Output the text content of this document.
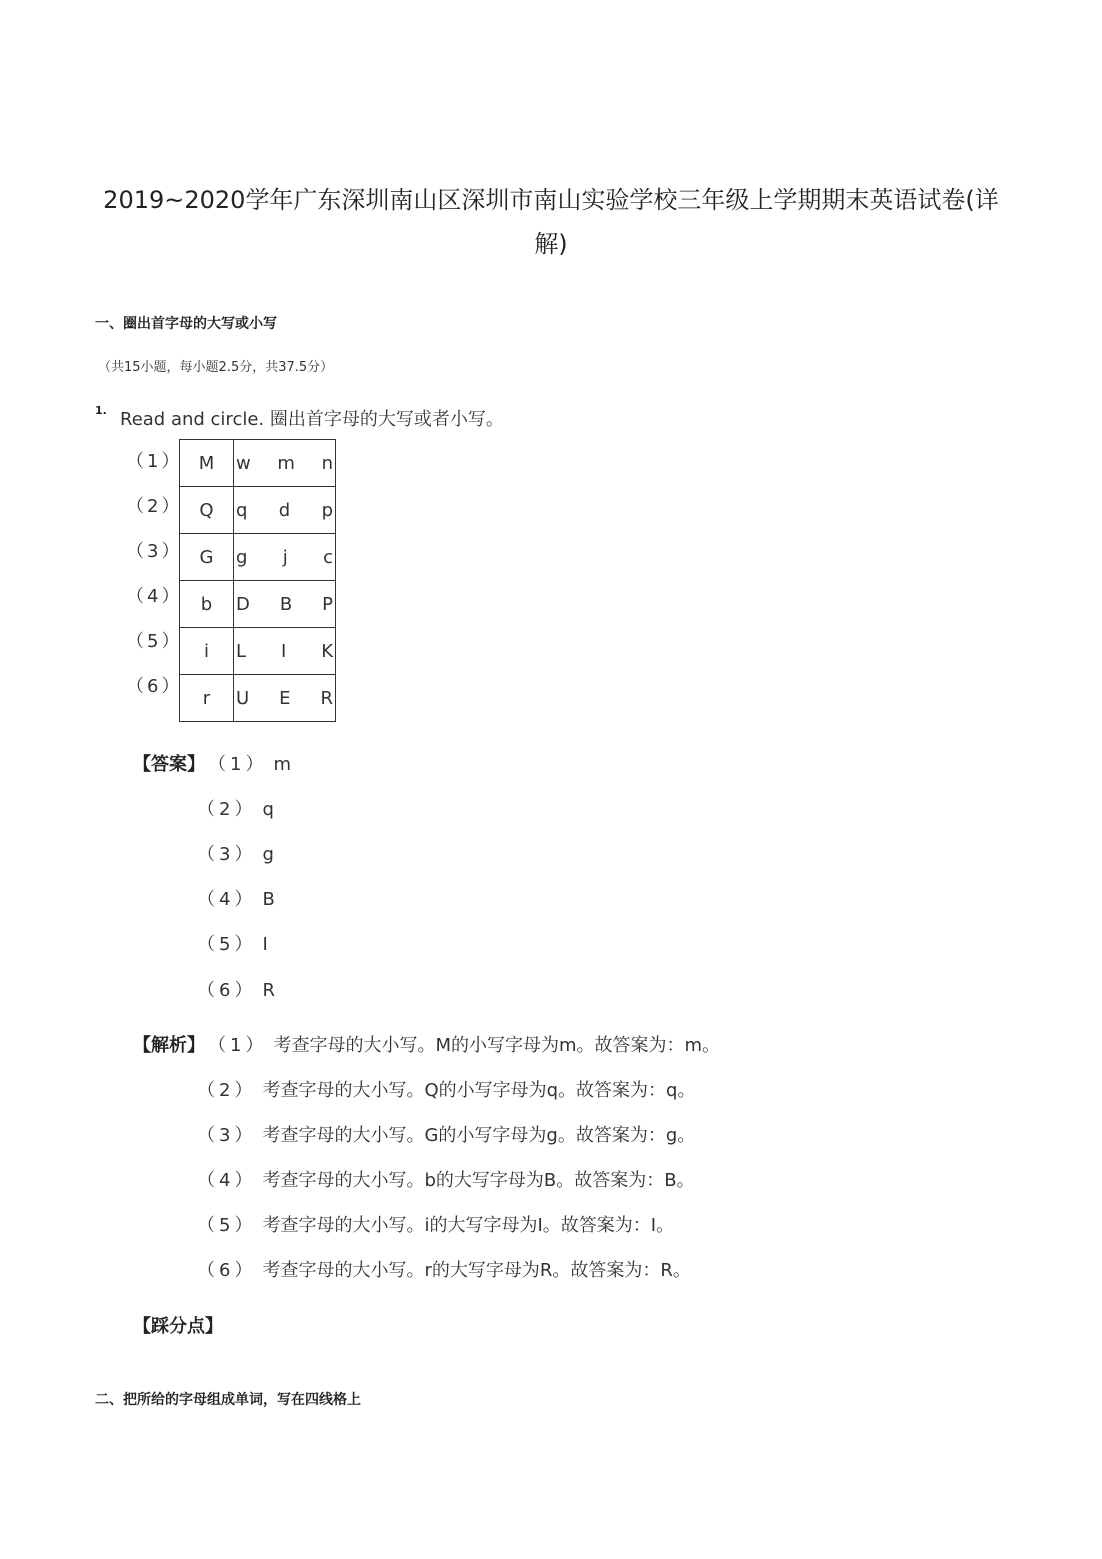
2019~2020学年广东深圳南山区深圳市南山实验学校三年级上学期期末英语试卷(详
解)
一、圈出首字母的大写或小写
（共15小题，每小题2.5分，共37.5分）
1. Read and circle. 圈出首字母的大写或者小写。
（1）
（2）
（3）
（4）
（5）
（6）
M	w m n

Q	q d p

G	g j c

b	D B P

i	L I K

r	U E R
【答案】 （1） m
（2） q
（3） g
（4） B
（5） I
（6） R
【解析】 （1） 考查字母的大小写。M的小写字母为m。故答案为：m。
（2） 考查字母的大小写。Q的小写字母为q。故答案为：q。
（3） 考查字母的大小写。G的小写字母为g。故答案为：g。
（4） 考查字母的大小写。b的大写字母为B。故答案为：B。
（5） 考查字母的大小写。i的大写字母为I。故答案为：I。
（6） 考查字母的大小写。r的大写字母为R。故答案为：R。
【踩分点】
二、把所给的字母组成单词，写在四线格上
